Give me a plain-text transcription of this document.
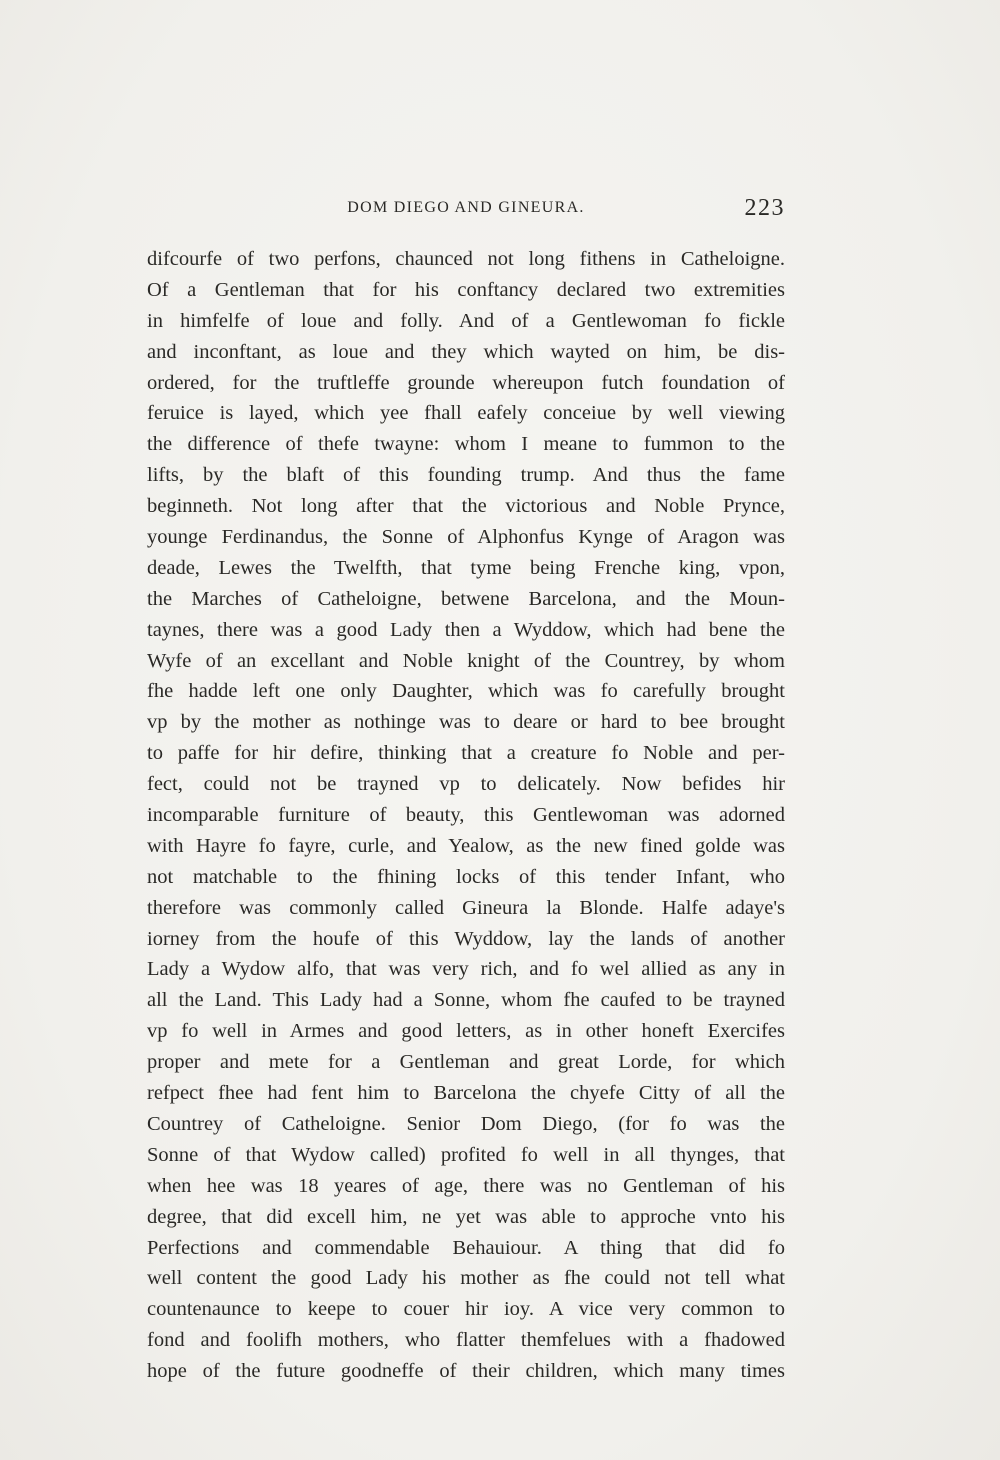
DOM DIEGO AND GINEURA.	223
difcourfe of two perfons, chaunced not long fithens in Catheloigne.
Of a Gentleman that for his conftancy declared two extremities
in himfelfe of loue and folly. And of a Gentlewoman fo fickle
and inconftant, as loue and they which wayted on him, be dis-
ordered, for the truftleffe grounde whereupon futch foundation of
feruice is layed, which yee fhall eafely conceiue by well viewing
the difference of thefe twayne: whom I meane to fummon to the
lifts, by the blaft of this founding trump. And thus the fame
beginneth. Not long after that the victorious and Noble Prynce,
younge Ferdinandus, the Sonne of Alphonfus Kynge of Aragon was
deade, Lewes the Twelfth, that tyme being Frenche king, vpon,
the Marches of Catheloigne, betwene Barcelona, and the Moun-
taynes, there was a good Lady then a Wyddow, which had bene the
Wyfe of an excellant and Noble knight of the Countrey, by whom
fhe hadde left one only Daughter, which was fo carefully brought
vp by the mother as nothinge was to deare or hard to bee brought
to paffe for hir defire, thinking that a creature fo Noble and per-
fect, could not be trayned vp to delicately. Now befides hir
incomparable furniture of beauty, this Gentlewoman was adorned
with Hayre fo fayre, curle, and Yealow, as the new fined golde was
not matchable to the fhining locks of this tender Infant, who
therefore was commonly called Gineura la Blonde. Halfe adaye's
iorney from the houfe of this Wyddow, lay the lands of another
Lady a Wydow alfo, that was very rich, and fo wel allied as any in
all the Land. This Lady had a Sonne, whom fhe caufed to be trayned
vp fo well in Armes and good letters, as in other honeft Exercifes
proper and mete for a Gentleman and great Lorde, for which
refpect fhee had fent him to Barcelona the chyefe Citty of all the
Countrey of Catheloigne. Senior Dom Diego, (for fo was the
Sonne of that Wydow called) profited fo well in all thynges, that
when hee was 18 yeares of age, there was no Gentleman of his
degree, that did excell him, ne yet was able to approche vnto his
Perfections and commendable Behauiour. A thing that did fo
well content the good Lady his mother as fhe could not tell what
countenaunce to keepe to couer hir ioy. A vice very common to
fond and foolifh mothers, who flatter themfelues with a fhadowed
hope of the future goodneffe of their children, which many times
